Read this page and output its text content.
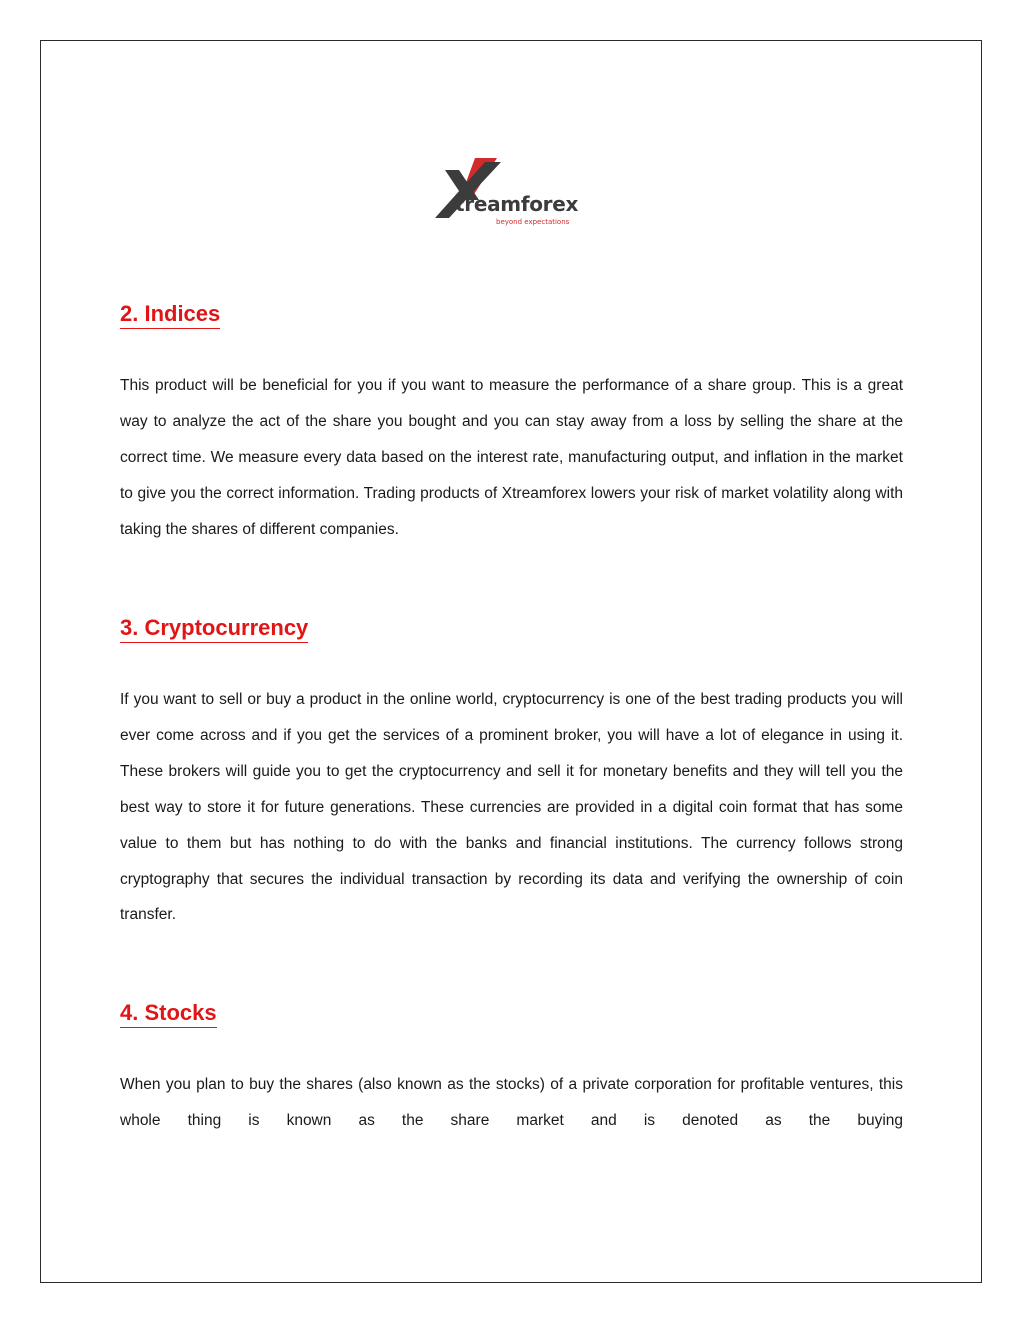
treamforex
beyond expectations
2. Indices

This product will be beneficial for you if you want to measure the performance of a share group. This is a great way to analyze the act of the share you bought and you can stay away from a loss by selling the share at the correct time. We measure every data based on the interest rate, manufacturing output, and inflation in the market to give you the correct information. Trading products of Xtreamforex lowers your risk of market volatility along with taking the shares of different companies.

3. Cryptocurrency

If you want to sell or buy a product in the online world, cryptocurrency is one of the best trading products you will ever come across and if you get the services of a prominent broker, you will have a lot of elegance in using it. These brokers will guide you to get the cryptocurrency and sell it for monetary benefits and they will tell you the best way to store it for future generations. These currencies are provided in a digital coin format that has some value to them but has nothing to do with the banks and financial institutions. The currency follows strong cryptography that secures the individual transaction by recording its data and verifying the ownership of coin transfer.

4. Stocks

When you plan to buy the shares (also known as the stocks) of a private corporation for profitable ventures, this whole thing is known as the share market and is denoted as the buying
